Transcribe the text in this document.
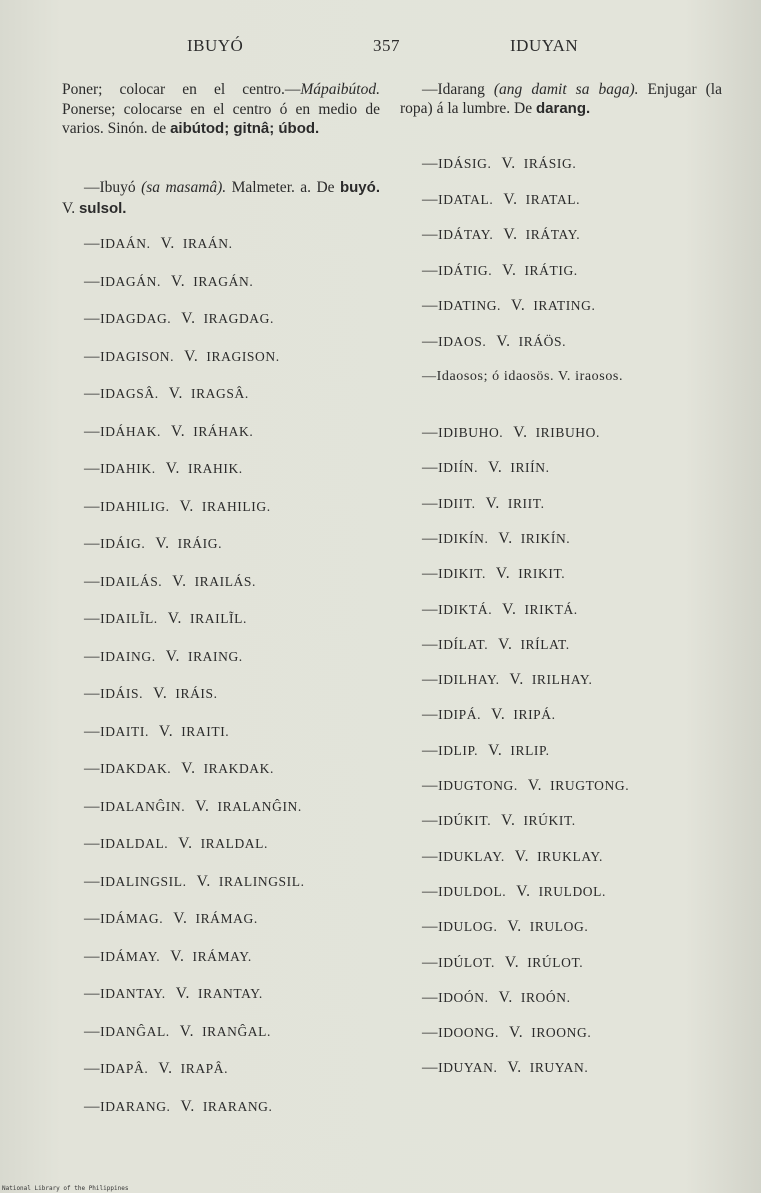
IBUYÓ	357	IDUYAN

Poner; colocar en el centro.—Mápaibútod. Ponerse; colocarse en el centro ó en medio de varios. Sinón. de aibútod; gitnâ; úbod.

—Ibuyó (sa masamâ). Malmeter. a. De buyó. V. sulsol.

—IDAÁN. V. IRAÁN.
—IDAGÁN. V. IRAGÁN.
—IDAGDAG. V. IRAGDAG.
—IDAGISON. V. IRAGISON.
—IDAGSÂ. V. IRAGSÂ.
—IDÁHAK. V. IRÁHAK.
—IDAHIK. V. IRAHIK.
—IDAHILIG. V. IRAHILIG.
—IDÁIG. V. IRÁIG.
—IDAILÁS. V. IRAILÁS.
—IDAILĨL. V. IRAILĨL.
—IDAING. V. IRAING.
—IDÁIS. V. IRÁIS.
—IDAITI. V. IRAITI.
—IDAKDAK. V. IRAKDAK.
—IDALANĜIN. V. IRALANĜIN.
—IDALDAL. V. IRALDAL.
—IDALINGSIL. V. IRALINGSIL.
—IDÁMAG. V. IRÁMAG.
—IDÁMAY. V. IRÁMAY.
—IDANTAY. V. IRANTAY.
—IDANĜAL. V. IRANĜAL.
—IDAPÂ. V. IRAPÂ.
—IDARANG. V. IRARANG.

—Idarang (ang damit sa baga). Enjugar (la ropa) á la lumbre. De darang.

—IDÁSIG. V. IRÁSIG.
—IDATAL. V. IRATAL.
—IDÁTAY. V. IRÁTAY.
—IDÁTIG. V. IRÁTIG.
—IDATING. V. IRATING.
—IDAOS. V. IRÁÖS.

—Idaosos; ó idaosös. V. iraosos.

—IDIBUHO. V. IRIBUHO.
—IDIÍN. V. IRIÍN.
—IDIIT. V. IRIIT.
—IDIKÍN. V. IRIKÍN.
—IDIKIT. V. IRIKIT.
—IDIKTÁ. V. IRIKTÁ.
—IDÍLAT. V. IRÍLAT.
—IDILHAY. V. IRILHAY.
—IDIPÁ. V. IRIPÁ.
—IDLIP. V. IRLIP.
—IDUGTONG. V. IRUGTONG.
—IDÚKIT. V. IRÚKIT.
—IDUKLAY. V. IRUKLAY.
—IDULDOL. V. IRULDOL.
—IDULOG. V. IRULOG.
—IDÚLOT. V. IRÚLOT.
—IDOÓN. V. IROÓN.
—IDOONG. V. IROONG.
—IDUYAN. V. IRUYAN.
National Library of the Philippines
